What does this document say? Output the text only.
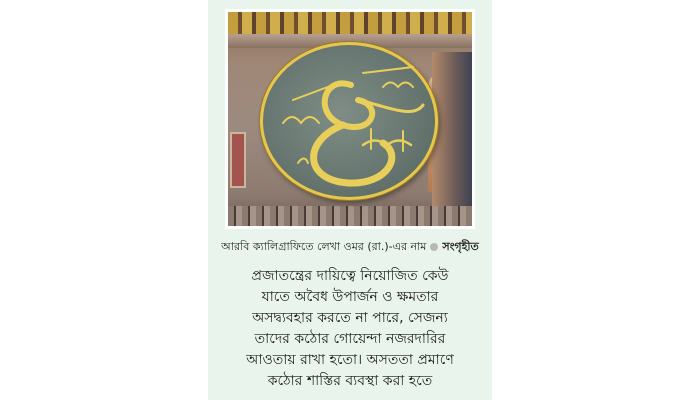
আরবি ক্যালিগ্রাফিতে লেখা ওমর (রা.)-এর নাম সংগৃহীত
প্রজাতন্ত্রের দায়িত্বে নিয়োজিত কেউ
যাতে অবৈধ উপার্জন ও ক্ষমতার
অসদ্ব্যবহার করতে না পারে, সেজন্য
তাদের কঠোর গোয়েন্দা নজরদারির
আওতায় রাখা হতো। অসততা প্রমাণে
কঠোর শাস্তির ব্যবস্থা করা হতে
